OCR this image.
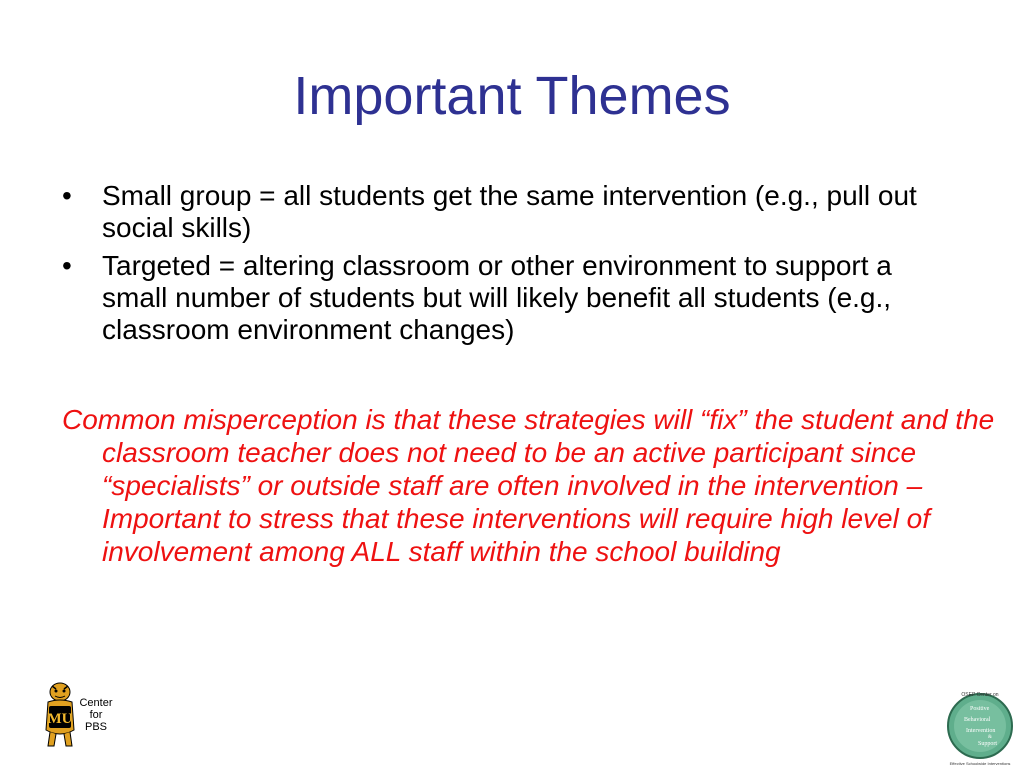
Important Themes
•	Small group = all students get the same intervention (e.g., pull out social skills)
•	Targeted = altering classroom or other environment to support a small number of students but will likely benefit all students (e.g., classroom environment changes)

Common misperception is that these strategies will “fix” the student and the classroom teacher does not need to be an active participant since “specialists” or outside staff are often involved in the intervention – Important to stress that these interventions will require high level of involvement among ALL staff within the school building

MU
Center for PBS
OSEP Center on
Positive
Behavioral
Intervention
&
Support
Effective Schoolwide Interventions
